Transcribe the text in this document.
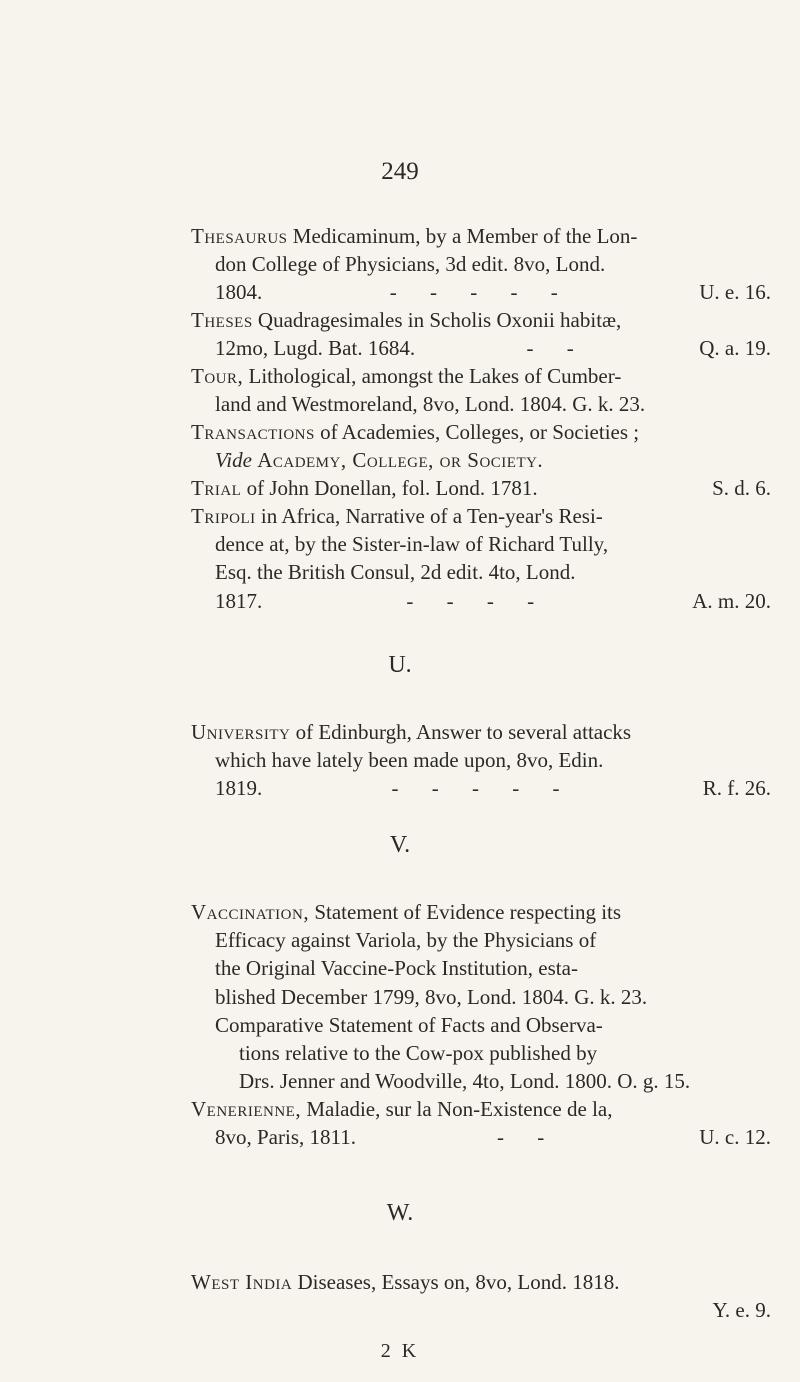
249
Thesaurus Medicaminum, by a Member of the Lon-
don College of Physicians, 3d edit. 8vo, Lond.
1804.	- - - - -	U. e. 16.
Theses Quadragesimales in Scholis Oxonii habitæ,
12mo, Lugd. Bat. 1684.	- -	Q. a. 19.
Tour, Lithological, amongst the Lakes of Cumber-
land and Westmoreland, 8vo, Lond. 1804. G. k. 23.
Transactions of Academies, Colleges, or Societies ;
Vide Academy, College, or Society.
Trial of John Donellan, fol. Lond. 1781.	S. d. 6.
Tripoli in Africa, Narrative of a Ten-year's Resi-
dence at, by the Sister-in-law of Richard Tully,
Esq. the British Consul, 2d edit. 4to, Lond.
1817.	- - - -	A. m. 20.
U.
University of Edinburgh, Answer to several attacks
which have lately been made upon, 8vo, Edin.
1819.	- - - - -	R. f. 26.
V.
Vaccination, Statement of Evidence respecting its
Efficacy against Variola, by the Physicians of
the Original Vaccine-Pock Institution, esta-
blished December 1799, 8vo, Lond. 1804. G. k. 23.
Comparative Statement of Facts and Observa-
tions relative to the Cow-pox published by
Drs. Jenner and Woodville, 4to, Lond. 1800. O. g. 15.
Venerienne, Maladie, sur la Non-Existence de la,
8vo, Paris, 1811.	- -	U. c. 12.
W.
West India Diseases, Essays on, 8vo, Lond. 1818.
Y. e. 9.
2 K
